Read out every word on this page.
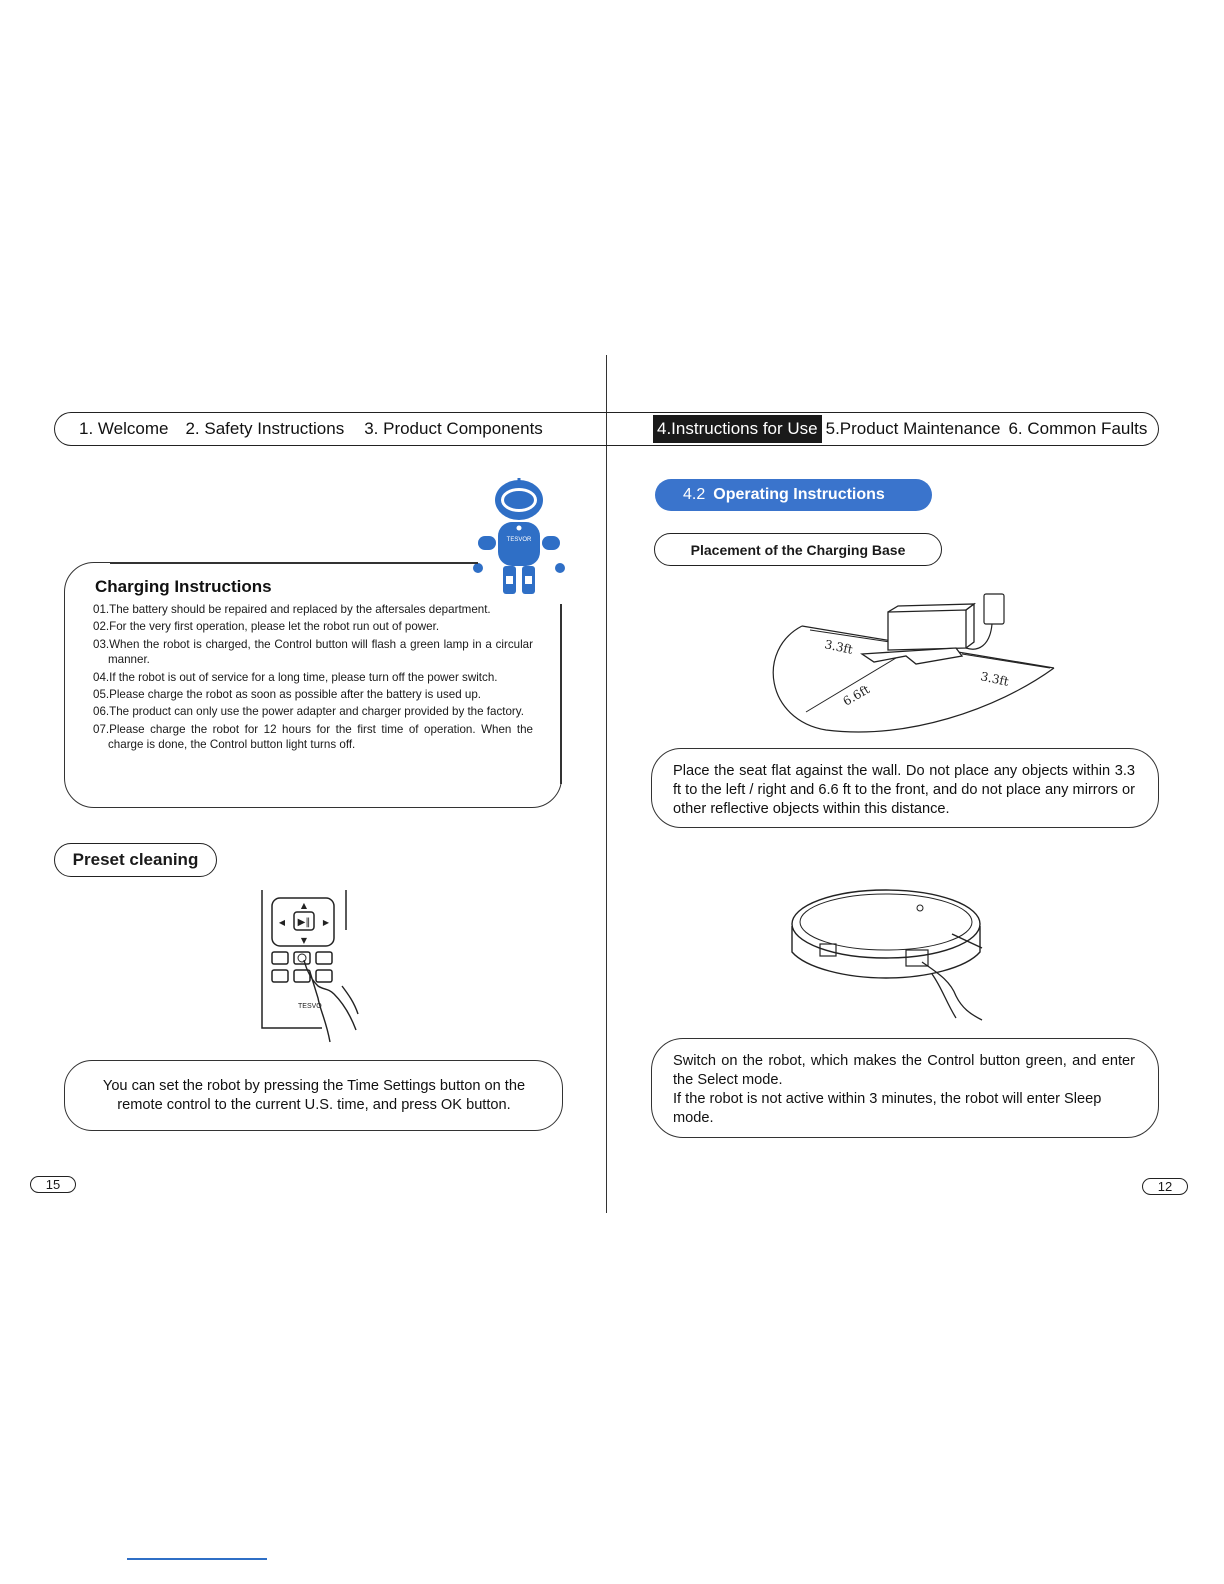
1. Welcome 2. Safety Instructions 3. Product Components	4.Instructions for Use 5.Product Maintenance 6. Common Faults
Charging Instructions
01.The battery should be repaired and replaced by the aftersales department.
02.For the very first operation, please let the robot run out of power.
03.When the robot is charged, the Control button will flash a green lamp in a circular manner.
04.If the robot is out of service for a long time, please turn off the power switch.
05.Please charge the robot as soon as possible after the battery is used up.
06.The product can only use the power adapter and charger provided by the factory.
07.Please charge the robot for 12 hours for the first time of operation. When the charge is done, the Control button light turns off.
TESVOR
Preset cleaning
▶‖
▲
▼
◀	▶
TESVO
You can set the robot by pressing the Time Settings button on the remote control to the current U.S. time, and press OK button.
15
4.2 Operating Instructions
Placement of the Charging Base
3.3ft
3.3ft
6.6ft
Place the seat flat against the wall. Do not place any objects within 3.3 ft to the left / right and 6.6 ft to the front, and do not place any mirrors or other reflective objects within this distance.
Switch on the robot, which makes the Control button green, and enter the Select mode.
If the robot is not active within 3 minutes, the robot will enter Sleep mode.
12
